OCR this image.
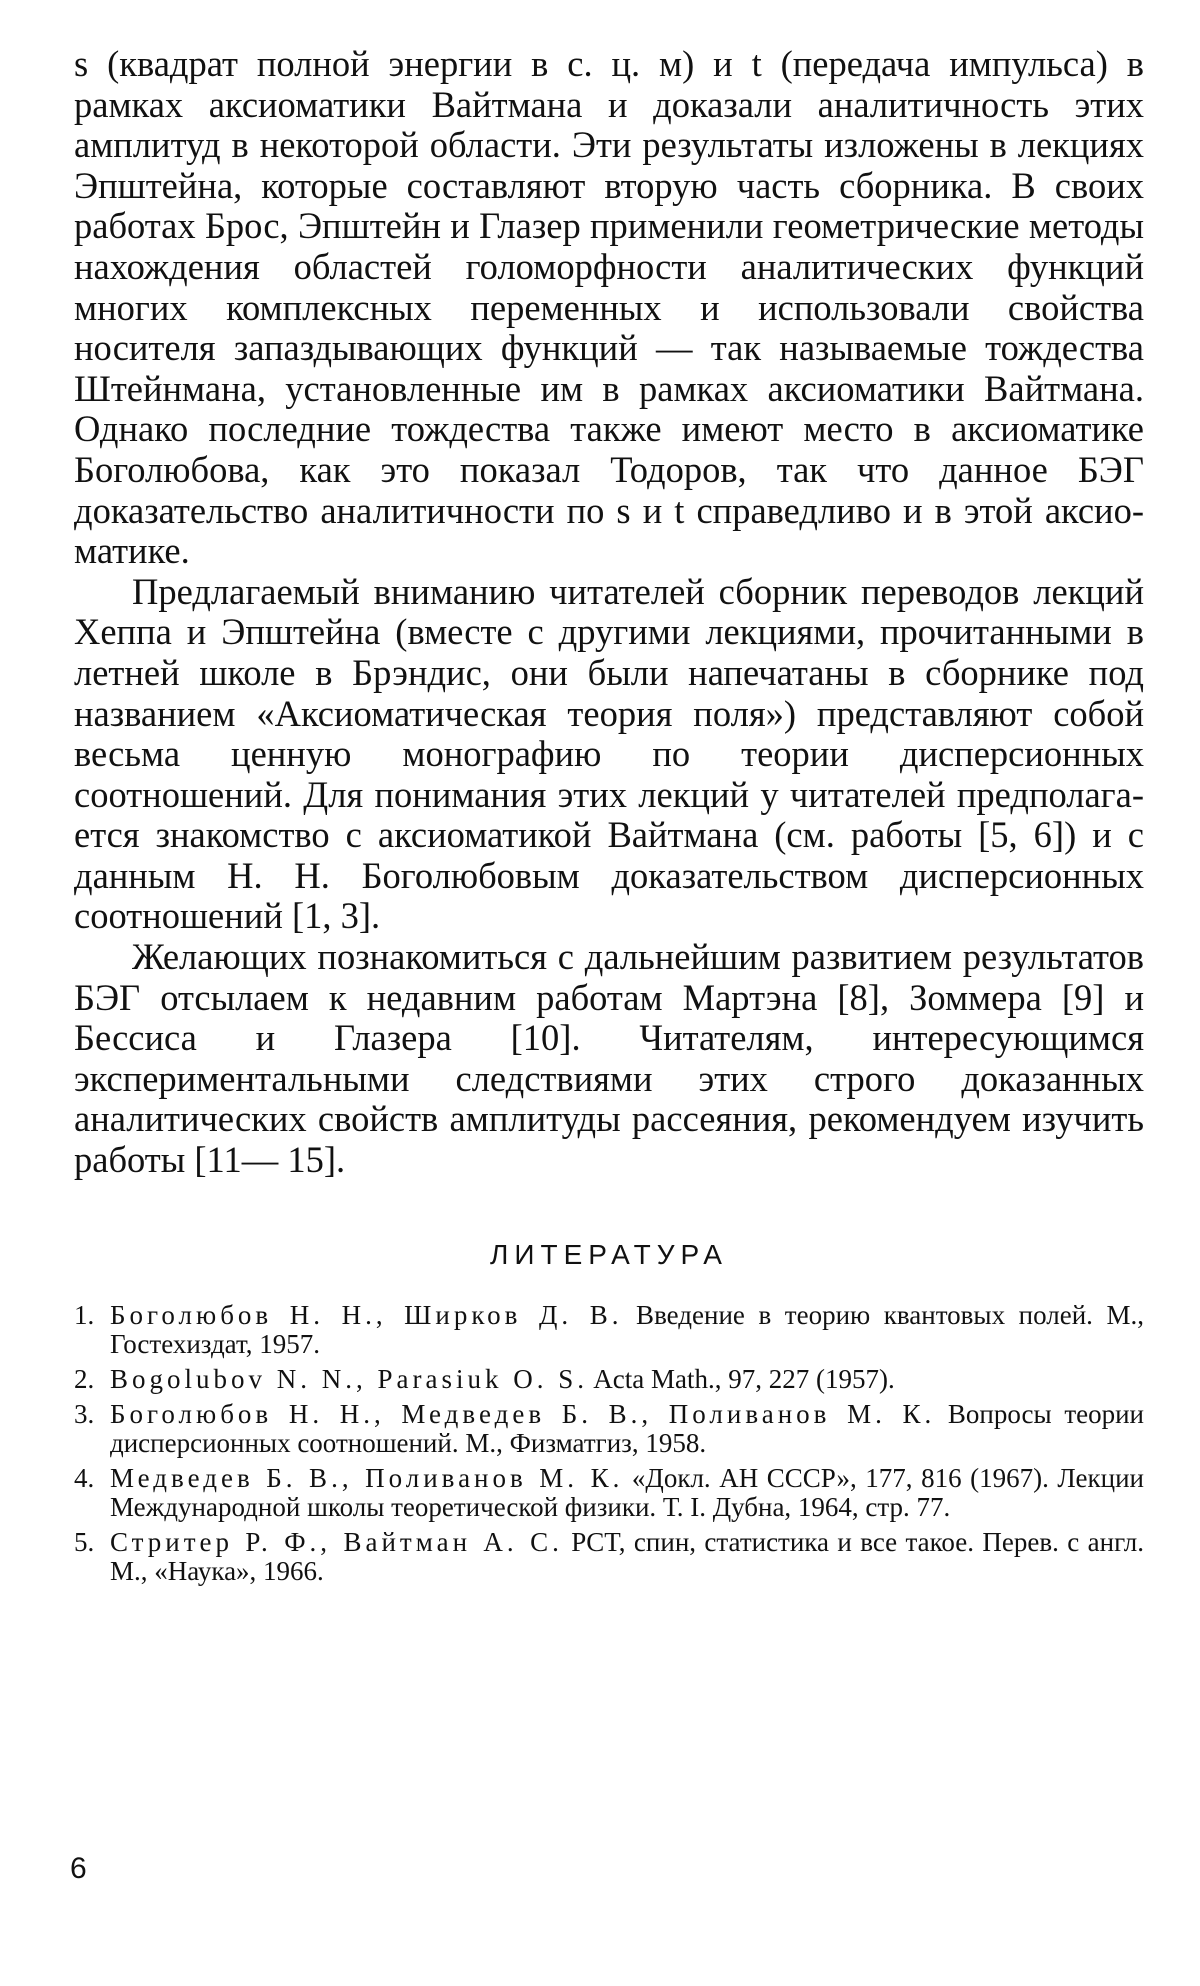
s (квадрат полной энергии в с. ц. м) и t (передача импульса) в рамках аксиоматики Вайтмана и доказали аналитичность этих амплитуд в некоторой области. Эти результаты изложены в лекциях Эпштейна, которые составляют вторую часть сборника. В своих работах Брос, Эпштейн и Глазер применили геометрические методы нахождения областей голоморфности аналитических функций многих комплексных переменных и использовали свойства носителя запаздывающих функций — так называемые тождества Штейнмана, установленные им в рамках аксиоматики Вайтмана. Однако последние тождества также имеют место в аксиоматике Боголюбова, как это показал Тодоров, так что данное БЭГ доказательство аналитичности по s и t справедливо и в этой аксиоматике.

Предлагаемый вниманию читателей сборник переводов лекций Хеппа и Эпштейна (вместе с другими лекциями, прочитанными в летней школе в Брэндис, они были напечатаны в сборнике под названием «Аксиоматическая теория поля») представляют собой весьма ценную монографию по теории дисперсионных соотношений. Для понимания этих лекций у читателей предполагается знакомство с аксиоматикой Вайтмана (см. работы [5, 6]) и с данным Н. Н. Боголюбовым доказательством дисперсионных соотношений [1, 3].

Желающих познакомиться с дальнейшим развитием результатов БЭГ отсылаем к недавним работам Мартэна [8], Зоммера [9] и Бессиса и Глазера [10]. Читателям, интересующимся экспериментальными следствиями этих строго доказанных аналитических свойств амплитуды рассеяния, рекомендуем изучить работы [11— 15].

ЛИТЕРАТУРА
1. Боголюбов Н. Н., Ширков Д. В. Введение в теорию квантовых полей. М., Гостехиздат, 1957.
2. Bogolubov N. N., Parasiuk O. S. Acta Math., 97, 227 (1957).
3. Боголюбов Н. Н., Медведев Б. В., Поливанов М. К. Вопросы теории дисперсионных соотношений. М., Физматгиз, 1958.
4. Медведев Б. В., Поливанов М. К. «Докл. АН СССР», 177, 816 (1967). Лекции Международной школы теоретической физики. Т. I. Дубна, 1964, стр. 77.
5. Стритер Р. Ф., Вайтман А. С. PCT, спин, статистика и все такое. Перев. с англ. М., «Наука», 1966.
6
